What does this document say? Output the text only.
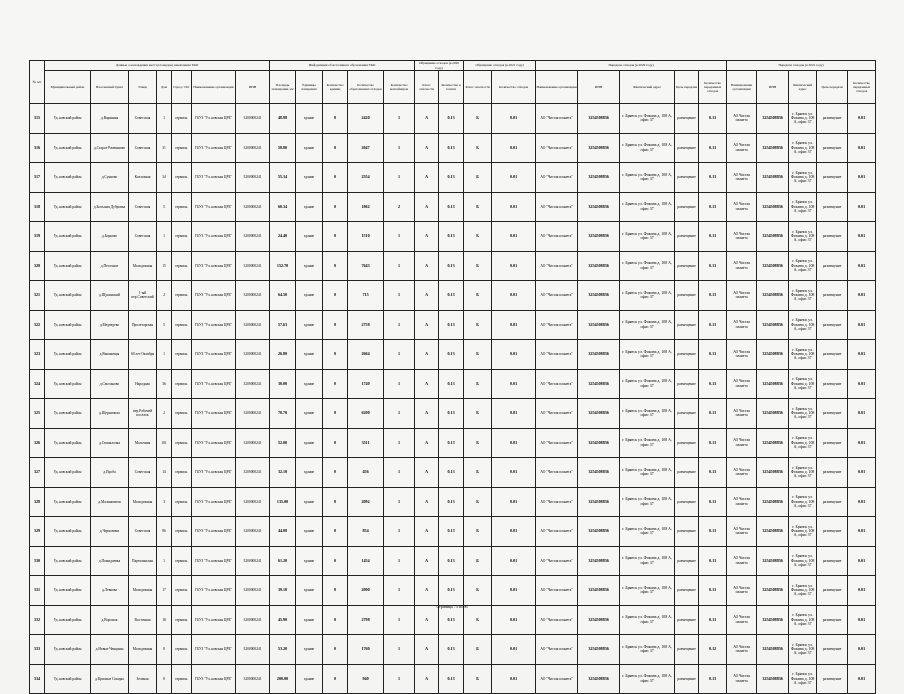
№ п/п	Данные о нахождении мест (площадок) накопления ТКО							Информация об источниках образования ТКО					Обращение отходов (в 2020 году)		Обращение отходов (в 2021 году)		Передача отходов (в 2020 году)					Передача отходов (в 2021 году)				
	Муниципальный район	Населенный пункт	Улица	Дом	Город / Пгт	Наименование организации	ИНН	Площадь помещения, м2	Единицы измерения	Количество единиц	Количество образованных отходов	Количество контейнеров	Класс опасности	Количество в тоннах	Класс опасности	Количество отходов	Наименование организации	ИНН	Фактический адрес	Цель передачи	Количество переданных отходов	Наименование организации	ИНН	Фактический адрес	Цель передачи	Количество переданных отходов
315	Уд..ковский район	д.Варанная	Советская	1	сервисн.	ГБУЗ "Ул..ковская ЦРБ"	3200000241	48.98	здание	0	2420	1	А	0.13	Б	0.01	АО "Чистая планета"	3254508836	г. Брянск ул. Фокина д. 108 А, офис 37	размещение	0.13	АО Чистая планета	3254508836	г. Брянск ул. Фокина д. 108 А, офис 37	размещение	0.01
316	Уд..ковский район	д.Старое Ржевиново	Советская	31	сервисн.	ГБУЗ "Ул..ковская ЦРБ"	3200000241	50.80	здание	0	2047	1	А	0.13	Б	0.01	АО "Чистая планета"	3254508836	г. Брянск ул. Фокина д. 108 А, офис 37	размещение	0.13	АО Чистая планета	3254508836	г. Брянск ул. Фокина д. 108 А, офис 37	размещение	0.01
317	Уд..ковский район	д.Сунково	Колхозная	34	сервисн.	ГБУЗ "Ул..ковская ЦРБ"	3200000241	55.34	здание	0	2554	1	А	0.13	Б	0.01	АО "Чистая планета"	3254508836	г. Брянск ул. Фокина д. 108 А, офис 37	размещение	0.13	АО Чистая планета	3254508836	г. Брянск ул. Фокина д. 108 А, офис 37	размещение	0.01
318	Уд..ковский район	д.Большая Дубровка	Советская	5	сервисн.	ГБУЗ "Ул..ковская ЦРБ"	3200000241	60.34	здание	0	1862	2	А	0.13	Б	0.01	АО "Чистая планета"	3254508836	г. Брянск ул. Фокина д. 108 А, офис 37	размещение	0.13	АО Чистая планета	3254508836	г. Брянск ул. Фокина д. 108 А, офис 37	размещение	0.01
319	Уд..ковский район	д.Борково	Советская	1	сервисн.	ГБУЗ "Ул..ковская ЦРБ"	3200000241	24.40	здание	0	1510	1	А	0.13	Б	0.01	АО "Чистая планета"	3254508836	г. Брянск ул. Фокина д. 108 А, офис 37	размещение	0.13	АО Чистая планета	3254508836	г. Брянск ул. Фокина д. 108 А, офис 37	размещение	0.01
320	Уд..ковский район	д.Песочное	Молодежная	15	сервисн.	ГБУЗ "Ул..ковская ЦРБ"	3200000241	152.70	здание	0	7643	1	А	0.13	Б	0.01	АО "Чистая планета"	3254508836	г. Брянск ул. Фокина д. 108 А, офис 37	размещение	0.13	АО Чистая планета	3254508836	г. Брянск ул. Фокина д. 108 А, офис 37	размещение	0.01
321	Уд..ковский район	д.Щукинский	1-ый пер.Советский	2	сервисн.	ГБУЗ "Ул..ковская ЦРБ"	3200000241	64.50	здание	0	715	1	А	0.13	Б	0.01	АО "Чистая планета"	3254508836	г. Брянск ул. Фокина д. 108 А, офис 37	размещение	0.13	АО Чистая планета	3254508836	г. Брянск ул. Фокина д. 108 А, офис 37	размещение	0.01
322	Уд..ковский район	д.Медведево	Пролетарская	5	сервисн.	ГБУЗ "Ул..ковская ЦРБ"	3200000241	57.63	здание	0	2758	1	А	0.13	Б	0.01	АО "Чистая планета"	3254508836	г. Брянск ул. Фокина д. 108 А, офис 37	размещение	0.13	АО Чистая планета	3254508836	г. Брянск ул. Фокина д. 108 А, офис 37	размещение	0.01
323	Уд..ковский район	д.Вышковцы	60 лет Октября	1	сервисн.	ГБУЗ "Ул..ковская ЦРБ"	3200000241	26.80	здание	0	2664	1	А	0.13	Б	0.01	АО "Чистая планета"	3254508836	г. Брянск ул. Фокина д. 108 А, офис 37	размещение	0.13	АО Чистая планета	3254508836	г. Брянск ул. Фокина д. 108 А, офис 37	размещение	0.01
324	Уд..ковский район	д.Смольково	Народная	36	сервисн.	ГБУЗ "Ул..ковская ЦРБ"	3200000241	30.00	здание	0	1740	1	А	0.13	Б	0.01	АО "Чистая планета"	3254508836	г. Брянск ул. Фокина д. 108 А, офис 37	размещение	0.13	АО Чистая планета	3254508836	г. Брянск ул. Фокина д. 108 А, офис 37	размещение	0.01
325	Уд..ковский район	д.Щерничиха	пер.Рабочий поселок	2	сервисн.	ГБУЗ "Ул..ковская ЦРБ"	3200000241	70.70	здание	0	6200	1	А	0.13	Б	0.01	АО "Чистая планета"	3254508836	г. Брянск ул. Фокина д. 108 А, офис 37	размещение	0.13	АО Чистая планета	3254508836	г. Брянск ул. Фокина д. 108 А, офис 37	размещение	0.01
326	Уд..ковский район	д.Своиклочка	Молочная	101	сервисн.	ГБУЗ "Ул..ковская ЦРБ"	3200000241	52.00	здание	0	3511	1	А	0.13	Б	0.01	АО "Чистая планета"	3254508836	г. Брянск ул. Фокина д. 108 А, офис 37	размещение	0.13	АО Чистая планета	3254508836	г. Брянск ул. Фокина д. 108 А, офис 37	размещение	0.01
327	Уд..ковский район	д.Проба	Советская	14	сервисн.	ГБУЗ "Ул..ковская ЦРБ"	3200000241	32.10	здание	0	456	1	А	0.13	Б	0.01	АО "Чистая планета"	3254508836	г. Брянск ул. Фокина д. 108 А, офис 37	размещение	0.13	АО Чистая планета	3254508836	г. Брянск ул. Фокина д. 108 А, офис 37	размещение	0.01
328	Уд..ковский район	д.Малиновичи	Молодежная	3	сервисн.	ГБУЗ "Ул..ковская ЦРБ"	3200000241	135.00	здание	0	2092	1	А	0.13	Б	0.01	АО "Чистая планета"	3254508836	г. Брянск ул. Фокина д. 108 А, офис 37	размещение	0.13	АО Чистая планета	3254508836	г. Брянск ул. Фокина д. 108 А, офис 37	размещение	0.01
329	Уд..ковский район	д.Черновичи	Советская	86	сервисн.	ГБУЗ "Ул..ковская ЦРБ"	3200000241	44.08	здание	0	854	1	А	0.13	Б	0.01	АО "Чистая планета"	3254508836	г. Брянск ул. Фокина д. 108 А, офис 37	размещение	0.13	АО Чистая планета	3254508836	г. Брянск ул. Фокина д. 108 А, офис 37	размещение	0.01
330	Уд..ковский район	д.Пожидаевка	Партизанская	1	сервисн.	ГБУЗ "Ул..ковская ЦРБ"	3200000241	61.20	здание	0	1454	1	А	0.13	Б	0.01	АО "Чистая планета"	3254508836	г. Брянск ул. Фокина д. 108 А, офис 37	размещение	0.13	АО Чистая планета	3254508836	г. Брянск ул. Фокина д. 108 А, офис 37	размещение	0.01
331	Уд..ковский район	д.Левкова	Молодежная	17	сервисн.	ГБУЗ "Ул..ковская ЦРБ"	3200000241	39.10	здание	0	2000	1	А	0.13	Б	0.01	АО "Чистая планета"	3254508836	г. Брянск ул. Фокина д. 108 А, офис 37	размещение	0.13	АО Чистая планета	3254508836	г. Брянск ул. Фокина д. 108 А, офис 37	размещение	0.01
332	Уд..ковский район	д.Воронок	Восточная	18	сервисн.	ГБУЗ "Ул..ковская ЦРБ"	3200000241	45.90	здание	0	2798	1	А	0.13	Б	0.01	АО "Чистая планета"	3254508836	г. Брянск ул. Фокина д. 108 А, офис 37	размещение	0.13	АО Чистая планета	3254508836	г. Брянск ул. Фокина д. 108 А, офис 37	размещение	0.01
333	Уд..ковский район	д.Новые Ченцины	Молодежная	8	сервисн.	ГБУЗ "Ул..ковская ЦРБ"	3200000241	53.20	здание	0	1760	1	А	0.13	Б	0.01	АО "Чистая планета"	3254508836	г. Брянск ул. Фокина д. 108 А, офис 37	размещение	0.12	АО Чистая планета	3254508836	г. Брянск ул. Фокина д. 108 А, офис 37	размещение	0.01
334	Уд..ковский район	д.Красные Сокоры	Зеленая	8	сервисн.	ГБУЗ "Ул..ковская ЦРБ"	3200000241	200.00	здание	0	940	1	А	0.13	Б	0.01	АО "Чистая планета"	3254508836	г. Брянск ул. Фокина д. 108 А, офис 37	размещение	0.13	АО Чистая планета	3254508836	г. Брянск ул. Фокина д. 108 А, офис 37	размещение	0.01
Страница 73 из 96
